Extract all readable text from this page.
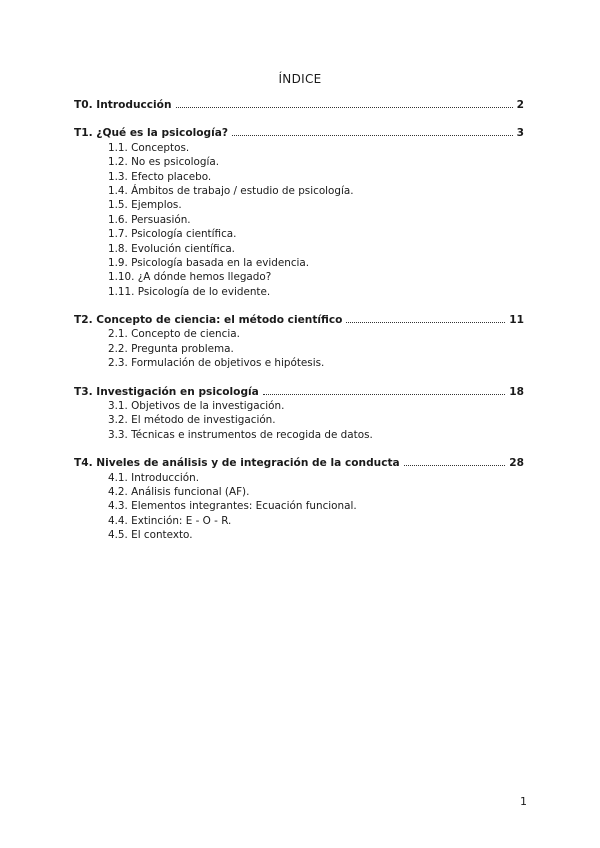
ÍNDICE
T0. Introducción	2
T1. ¿Qué es la psicología?	3
1.1. Conceptos.
1.2. No es psicología.
1.3. Efecto placebo.
1.4. Ámbitos de trabajo / estudio de psicología.
1.5. Ejemplos.
1.6. Persuasión.
1.7. Psicología científica.
1.8. Evolución científica.
1.9. Psicología basada en la evidencia.
1.10. ¿A dónde hemos llegado?
1.11. Psicología de lo evidente.
T2. Concepto de ciencia: el método científico	11
2.1. Concepto de ciencia.
2.2. Pregunta problema.
2.3. Formulación de objetivos e hipótesis.
T3. Investigación en psicología	18
3.1. Objetivos de la investigación.
3.2. El método de investigación.
3.3. Técnicas e instrumentos de recogida de datos.
T4. Niveles de análisis y de integración de la conducta	28
4.1. Introducción.
4.2. Análisis funcional (AF).
4.3. Elementos integrantes: Ecuación funcional.
4.4. Extinción: E - O - R.
4.5. El contexto.
1
